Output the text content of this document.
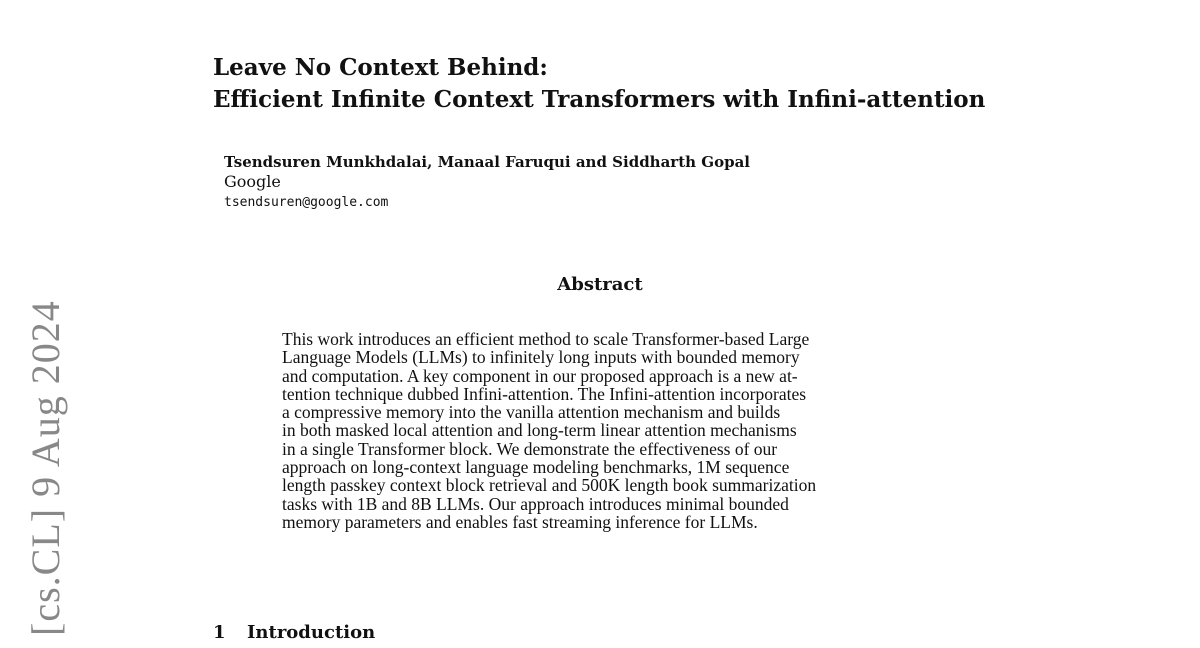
Leave No Context Behind:

Efficient Infinite Context Transformers with Infini-attention

Tsendsuren Munkhdalai, Manaal Faruqui and Siddharth Gopal
Google
tsendsuren@google.com
Abstract

This work introduces an efficient method to scale Transformer-based Large

Language Models (LLMs) to infinitely long inputs with bounded memory

and computation. A key component in our proposed approach is a new at-

tention technique dubbed Infini-attention. The Infini-attention incorporates

a compressive memory into the vanilla attention mechanism and builds

in both masked local attention and long-term linear attention mechanisms

in a single Transformer block. We demonstrate the effectiveness of our

approach on long-context language modeling benchmarks, 1M sequence

length passkey context block retrieval and 500K length book summarization

tasks with 1B and 8B LLMs. Our approach introduces minimal bounded

memory parameters and enables fast streaming inference for LLMs.

[cs.CL] 9 Aug 2024	1 Introduction
